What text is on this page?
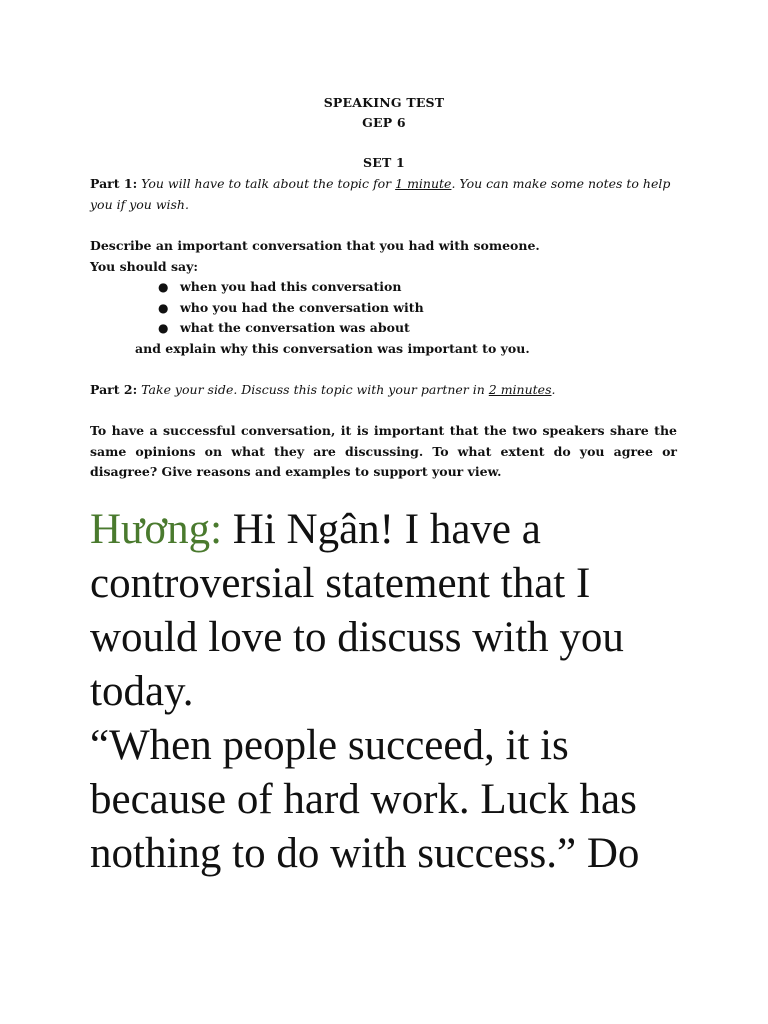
SPEAKING TEST
GEP 6
SET 1
Part 1: You will have to talk about the topic for 1 minute. You can make some notes to help you if you wish.
Describe an important conversation that you had with someone.
You should say:
● when you had this conversation
● who you had the conversation with
● what the conversation was about
and explain why this conversation was important to you.
Part 2: Take your side. Discuss this topic with your partner in 2 minutes.
To have a successful conversation, it is important that the two speakers share the same opinions on what they are discussing. To what extent do you agree or disagree? Give reasons and examples to support your view.
Hương: Hi Ngân! I have a controversial statement that I would love to discuss with you today.
“When people succeed, it is because of hard work. Luck has nothing to do with success.” Do
